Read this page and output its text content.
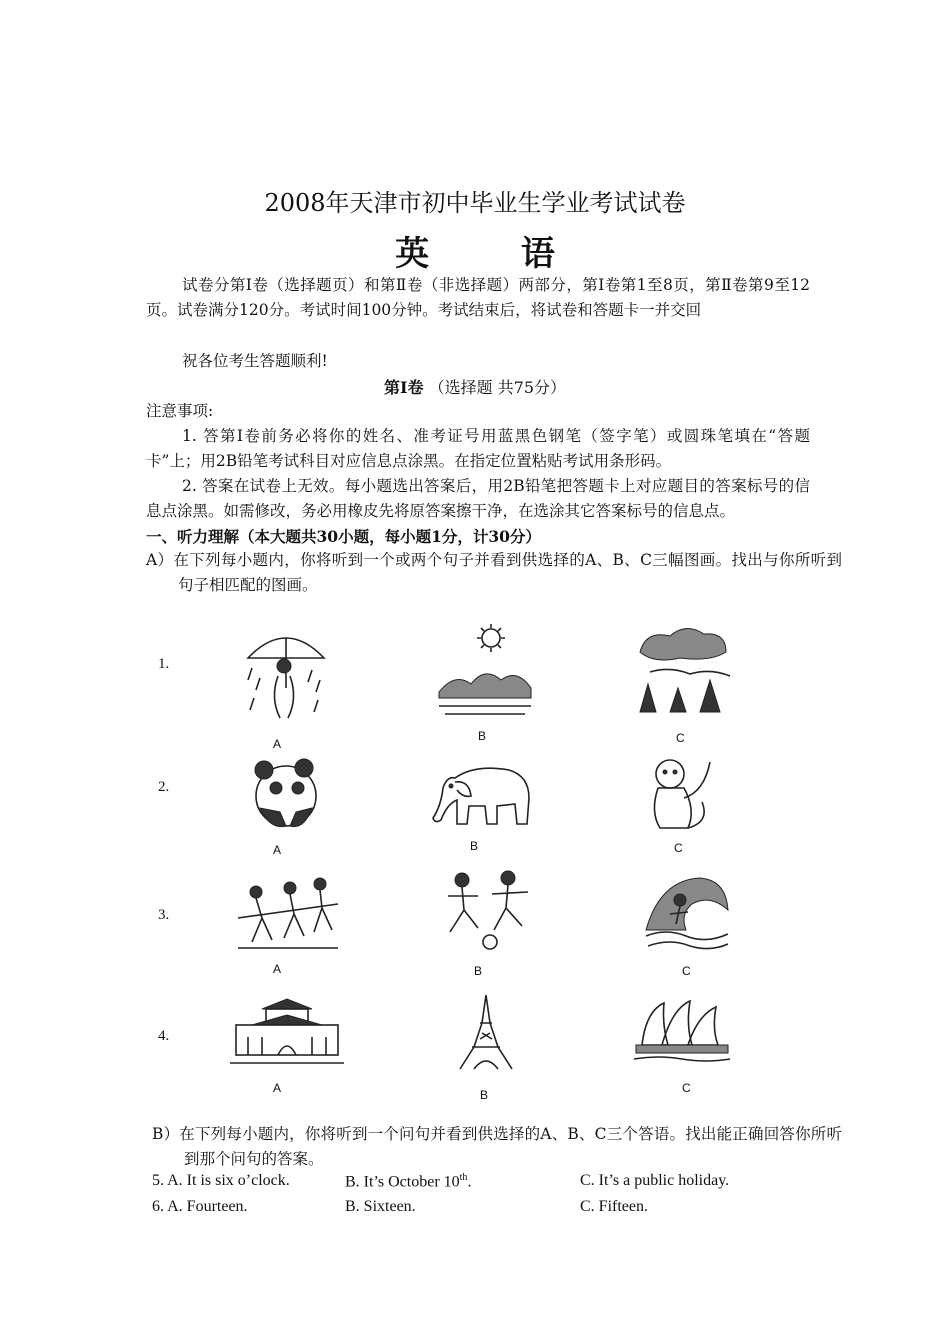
2008年天津市初中毕业生学业考试试卷
英 语
试卷分第Ⅰ卷（选择题页）和第Ⅱ卷（非选择题）两部分，第Ⅰ卷第1至8页，第Ⅱ卷第9至12页。试卷满分120分。考试时间100分钟。考试结束后，将试卷和答题卡一并交回
祝各位考生答题顺利!
第Ⅰ卷 （选择题 共75分）
注意事项:
1. 答第Ⅰ卷前务必将你的姓名、准考证号用蓝黑色钢笔（签字笔）或圆珠笔填在“答题卡”上；用2B铅笔考试科目对应信息点涂黑。在指定位置粘贴考试用条形码。
2. 答案在试卷上无效。每小题选出答案后，用2B铅笔把答题卡上对应题目的答案标号的信息点涂黑。如需修改，务必用橡皮先将原答案擦干净，在选涂其它答案标号的信息点。
一、听力理解（本大题共30小题，每小题1分，计30分）
A）在下列每小题内，你将听到一个或两个句子并看到供选择的A、B、C三幅图画。找出与你所听到句子相匹配的图画。
1.
2.
3.
4.
A
B	C
A	B	C
A	B	C
A	B	C
B）在下列每小题内，你将听到一个问句并看到供选择的A、B、C三个答语。找出能正确回答你所听到那个问句的答案。
5. A. It is six o’clock.	B. It’s October 10th.	C. It’s a public holiday.
6. A. Fourteen.	B. Sixteen.	C. Fifteen.
